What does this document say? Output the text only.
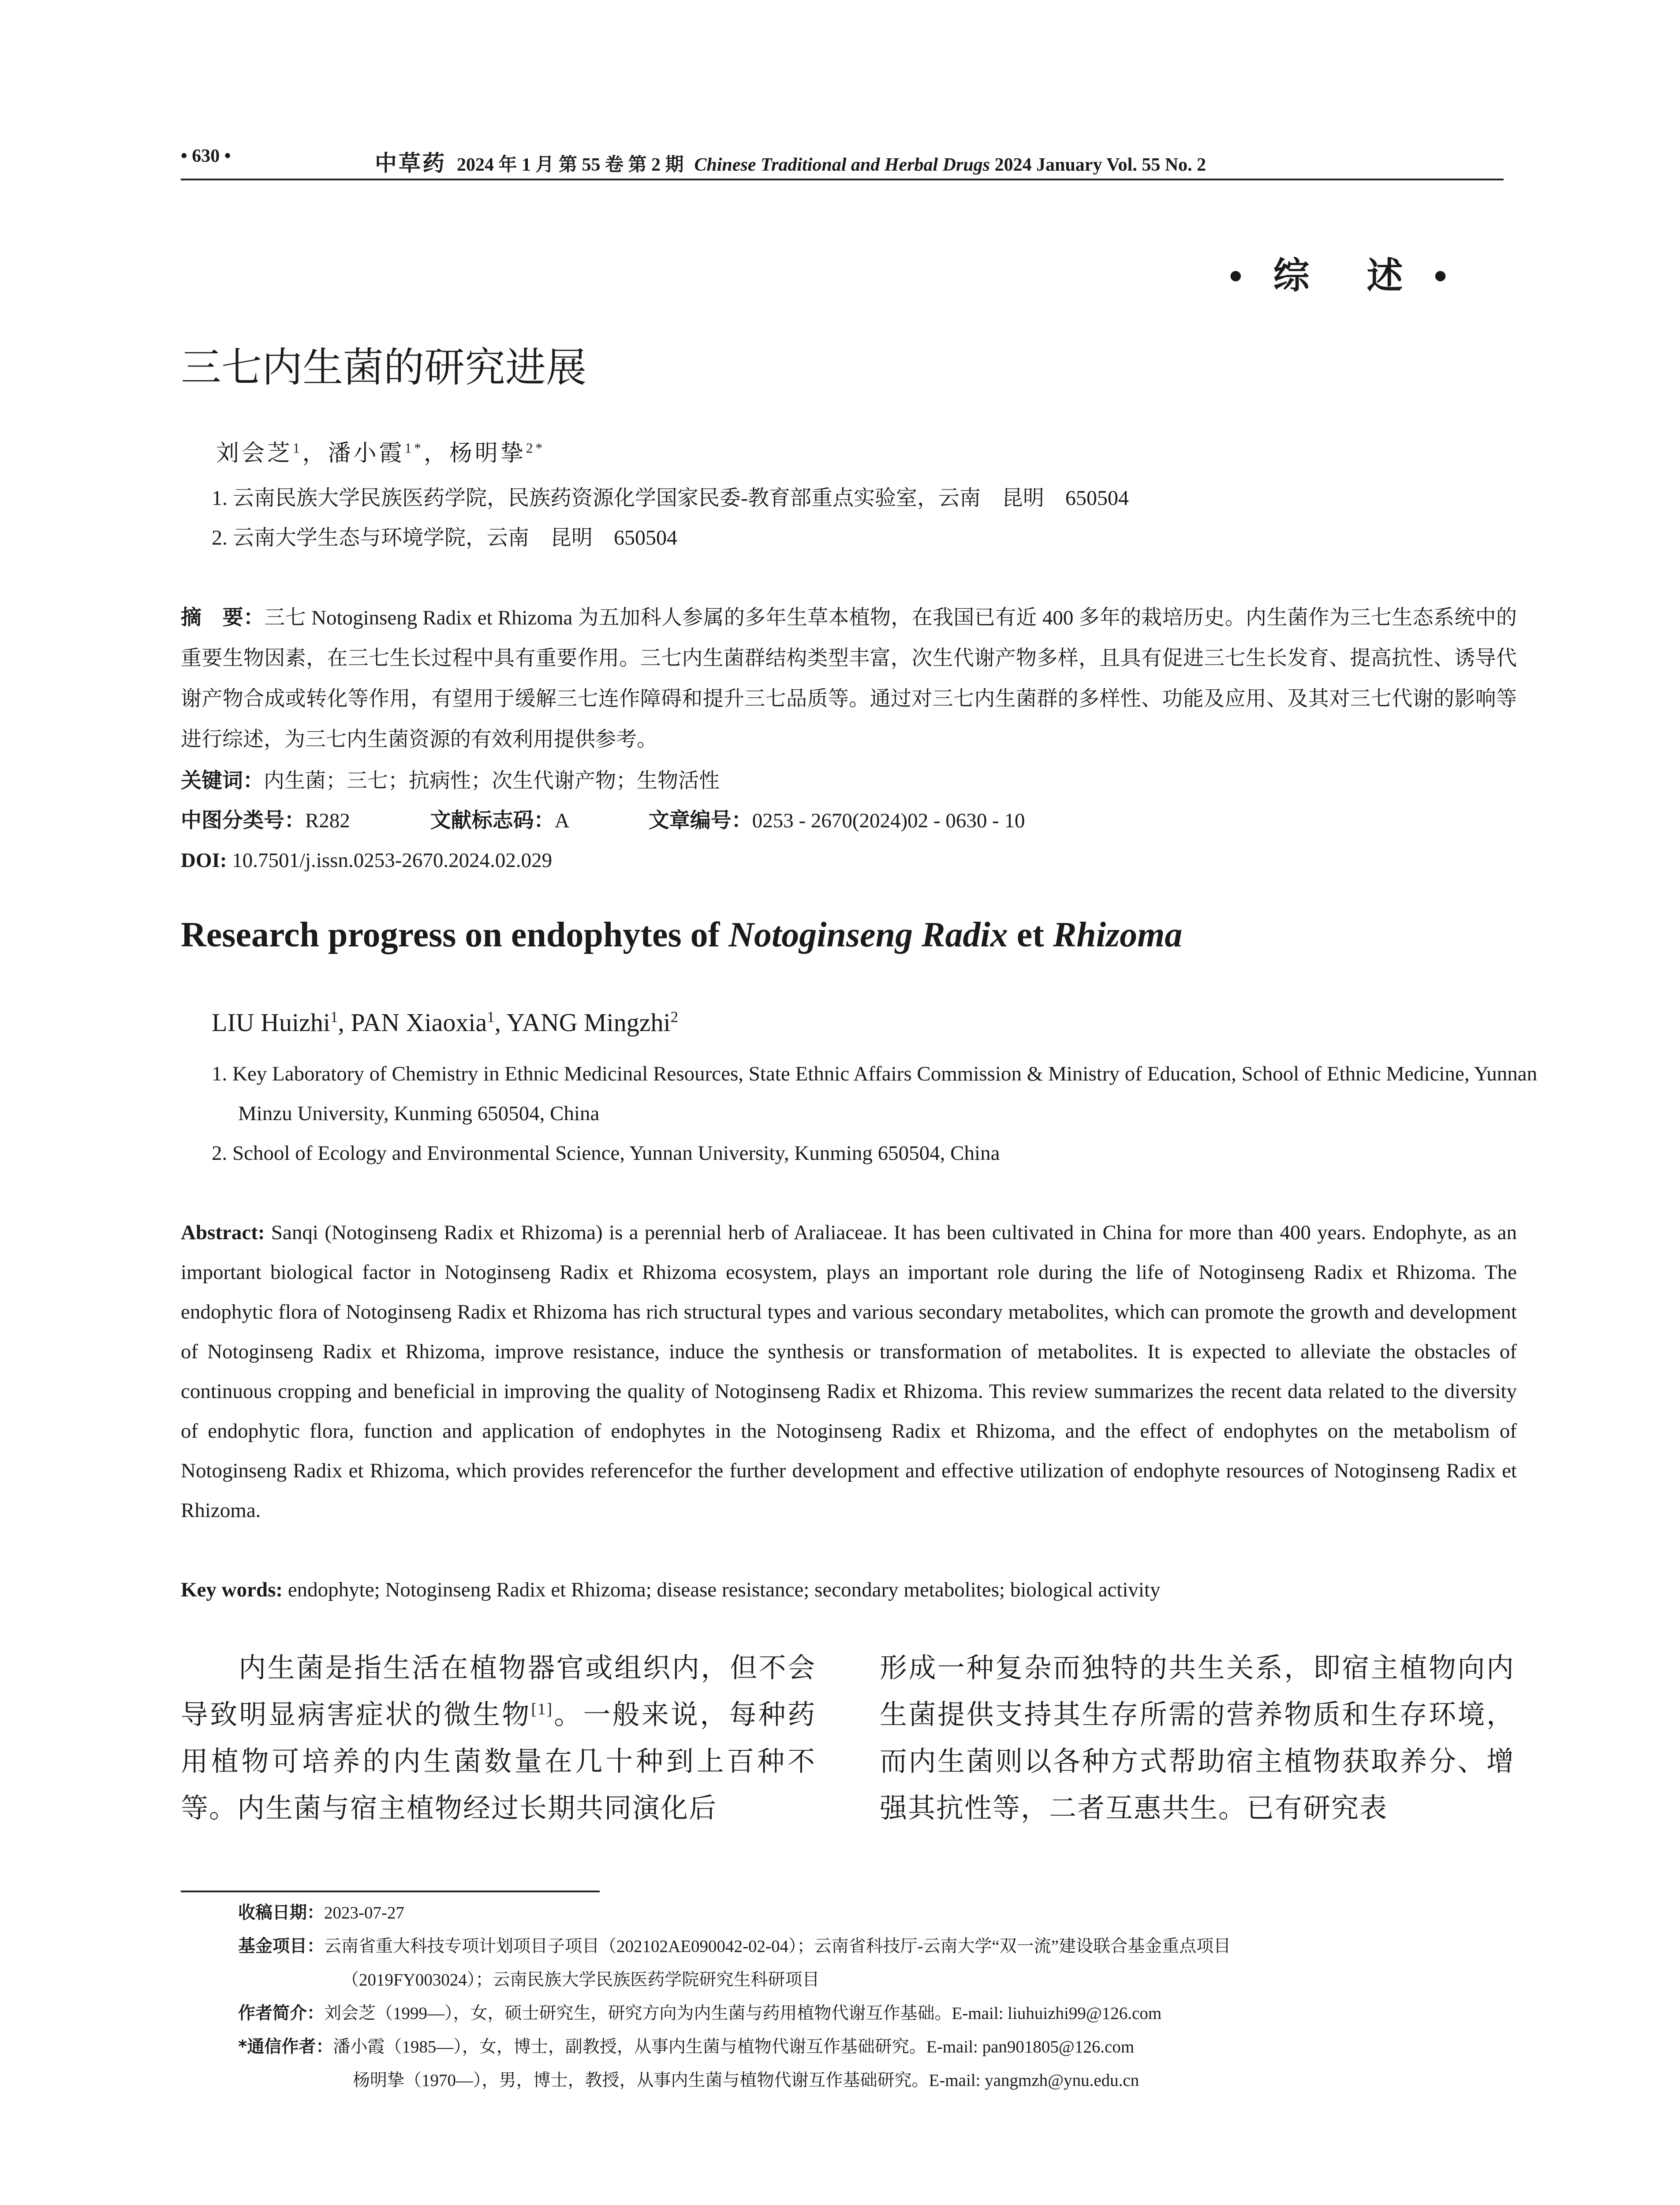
• 630 •	中草药 2024 年 1 月 第 55 卷 第 2 期 Chinese Traditional and Herbal Drugs 2024 January Vol. 55 No. 2
• 综　述 •
三七内生菌的研究进展
刘会芝$^1$，潘小霞$^{1*}$，杨明挚$^{2*}$
1. 云南民族大学民族医药学院，民族药资源化学国家民委-教育部重点实验室，云南　昆明　650504
2. 云南大学生态与环境学院，云南　昆明　650504
摘　要：三七 Notoginseng Radix et Rhizoma 为五加科人参属的多年生草本植物，在我国已有近 400 多年的栽培历史。内生菌作为三七生态系统中的重要生物因素，在三七生长过程中具有重要作用。三七内生菌群结构类型丰富，次生代谢产物多样，且具有促进三七生长发育、提高抗性、诱导代谢产物合成或转化等作用，有望用于缓解三七连作障碍和提升三七品质等。通过对三七内生菌群的多样性、功能及应用、及其对三七代谢的影响等进行综述，为三七内生菌资源的有效利用提供参考。
关键词：内生菌；三七；抗病性；次生代谢产物；生物活性
中图分类号：R282	文献标志码：A	文章编号：0253 - 2670(2024)02 - 0630 - 10
DOI: 10.7501/j.issn.0253-2670.2024.02.029
Research progress on endophytes of Notoginseng Radix et Rhizoma
LIU Huizhi$^1$, PAN Xiaoxia$^1$, YANG Mingzhi$^2$
1. Key Laboratory of Chemistry in Ethnic Medicinal Resources, State Ethnic Affairs Commission & Ministry of Education, School of Ethnic Medicine, Yunnan Minzu University, Kunming 650504, China
2. School of Ecology and Environmental Science, Yunnan University, Kunming 650504, China
Abstract: Sanqi (Notoginseng Radix et Rhizoma) is a perennial herb of Araliaceae. It has been cultivated in China for more than 400 years. Endophyte, as an important biological factor in Notoginseng Radix et Rhizoma ecosystem, plays an important role during the life of Notoginseng Radix et Rhizoma. The endophytic flora of Notoginseng Radix et Rhizoma has rich structural types and various secondary metabolites, which can promote the growth and development of Notoginseng Radix et Rhizoma, improve resistance, induce the synthesis or transformation of metabolites. It is expected to alleviate the obstacles of continuous cropping and beneficial in improving the quality of Notoginseng Radix et Rhizoma. This review summarizes the recent data related to the diversity of endophytic flora, function and application of endophytes in the Notoginseng Radix et Rhizoma, and the effect of endophytes on the metabolism of Notoginseng Radix et Rhizoma, which provides referencefor the further development and effective utilization of endophyte resources of Notoginseng Radix et Rhizoma.
Key words: endophyte; Notoginseng Radix et Rhizoma; disease resistance; secondary metabolites; biological activity
　　内生菌是指生活在植物器官或组织内，但不会导致明显病害症状的微生物[1]。一般来说，每种药用植物可培养的内生菌数量在几十种到上百种不等。内生菌与宿主植物经过长期共同演化后
形成一种复杂而独特的共生关系，即宿主植物向内生菌提供支持其生存所需的营养物质和生存环境，而内生菌则以各种方式帮助宿主植物获取养分、增强其抗性等，二者互惠共生。已有研究表
收稿日期：2023-07-27
基金项目：云南省重大科技专项计划项目子项目（202102AE090042-02-04）；云南省科技厅-云南大学“双一流”建设联合基金重点项目
（2019FY003024）；云南民族大学民族医药学院研究生科研项目
作者简介：刘会芝（1999—），女，硕士研究生，研究方向为内生菌与药用植物代谢互作基础。E-mail: liuhuizhi99@126.com
*通信作者：潘小霞（1985—），女，博士，副教授，从事内生菌与植物代谢互作基础研究。E-mail: pan901805@126.com
杨明挚（1970—），男，博士，教授，从事内生菌与植物代谢互作基础研究。E-mail: yangmzh@ynu.edu.cn
